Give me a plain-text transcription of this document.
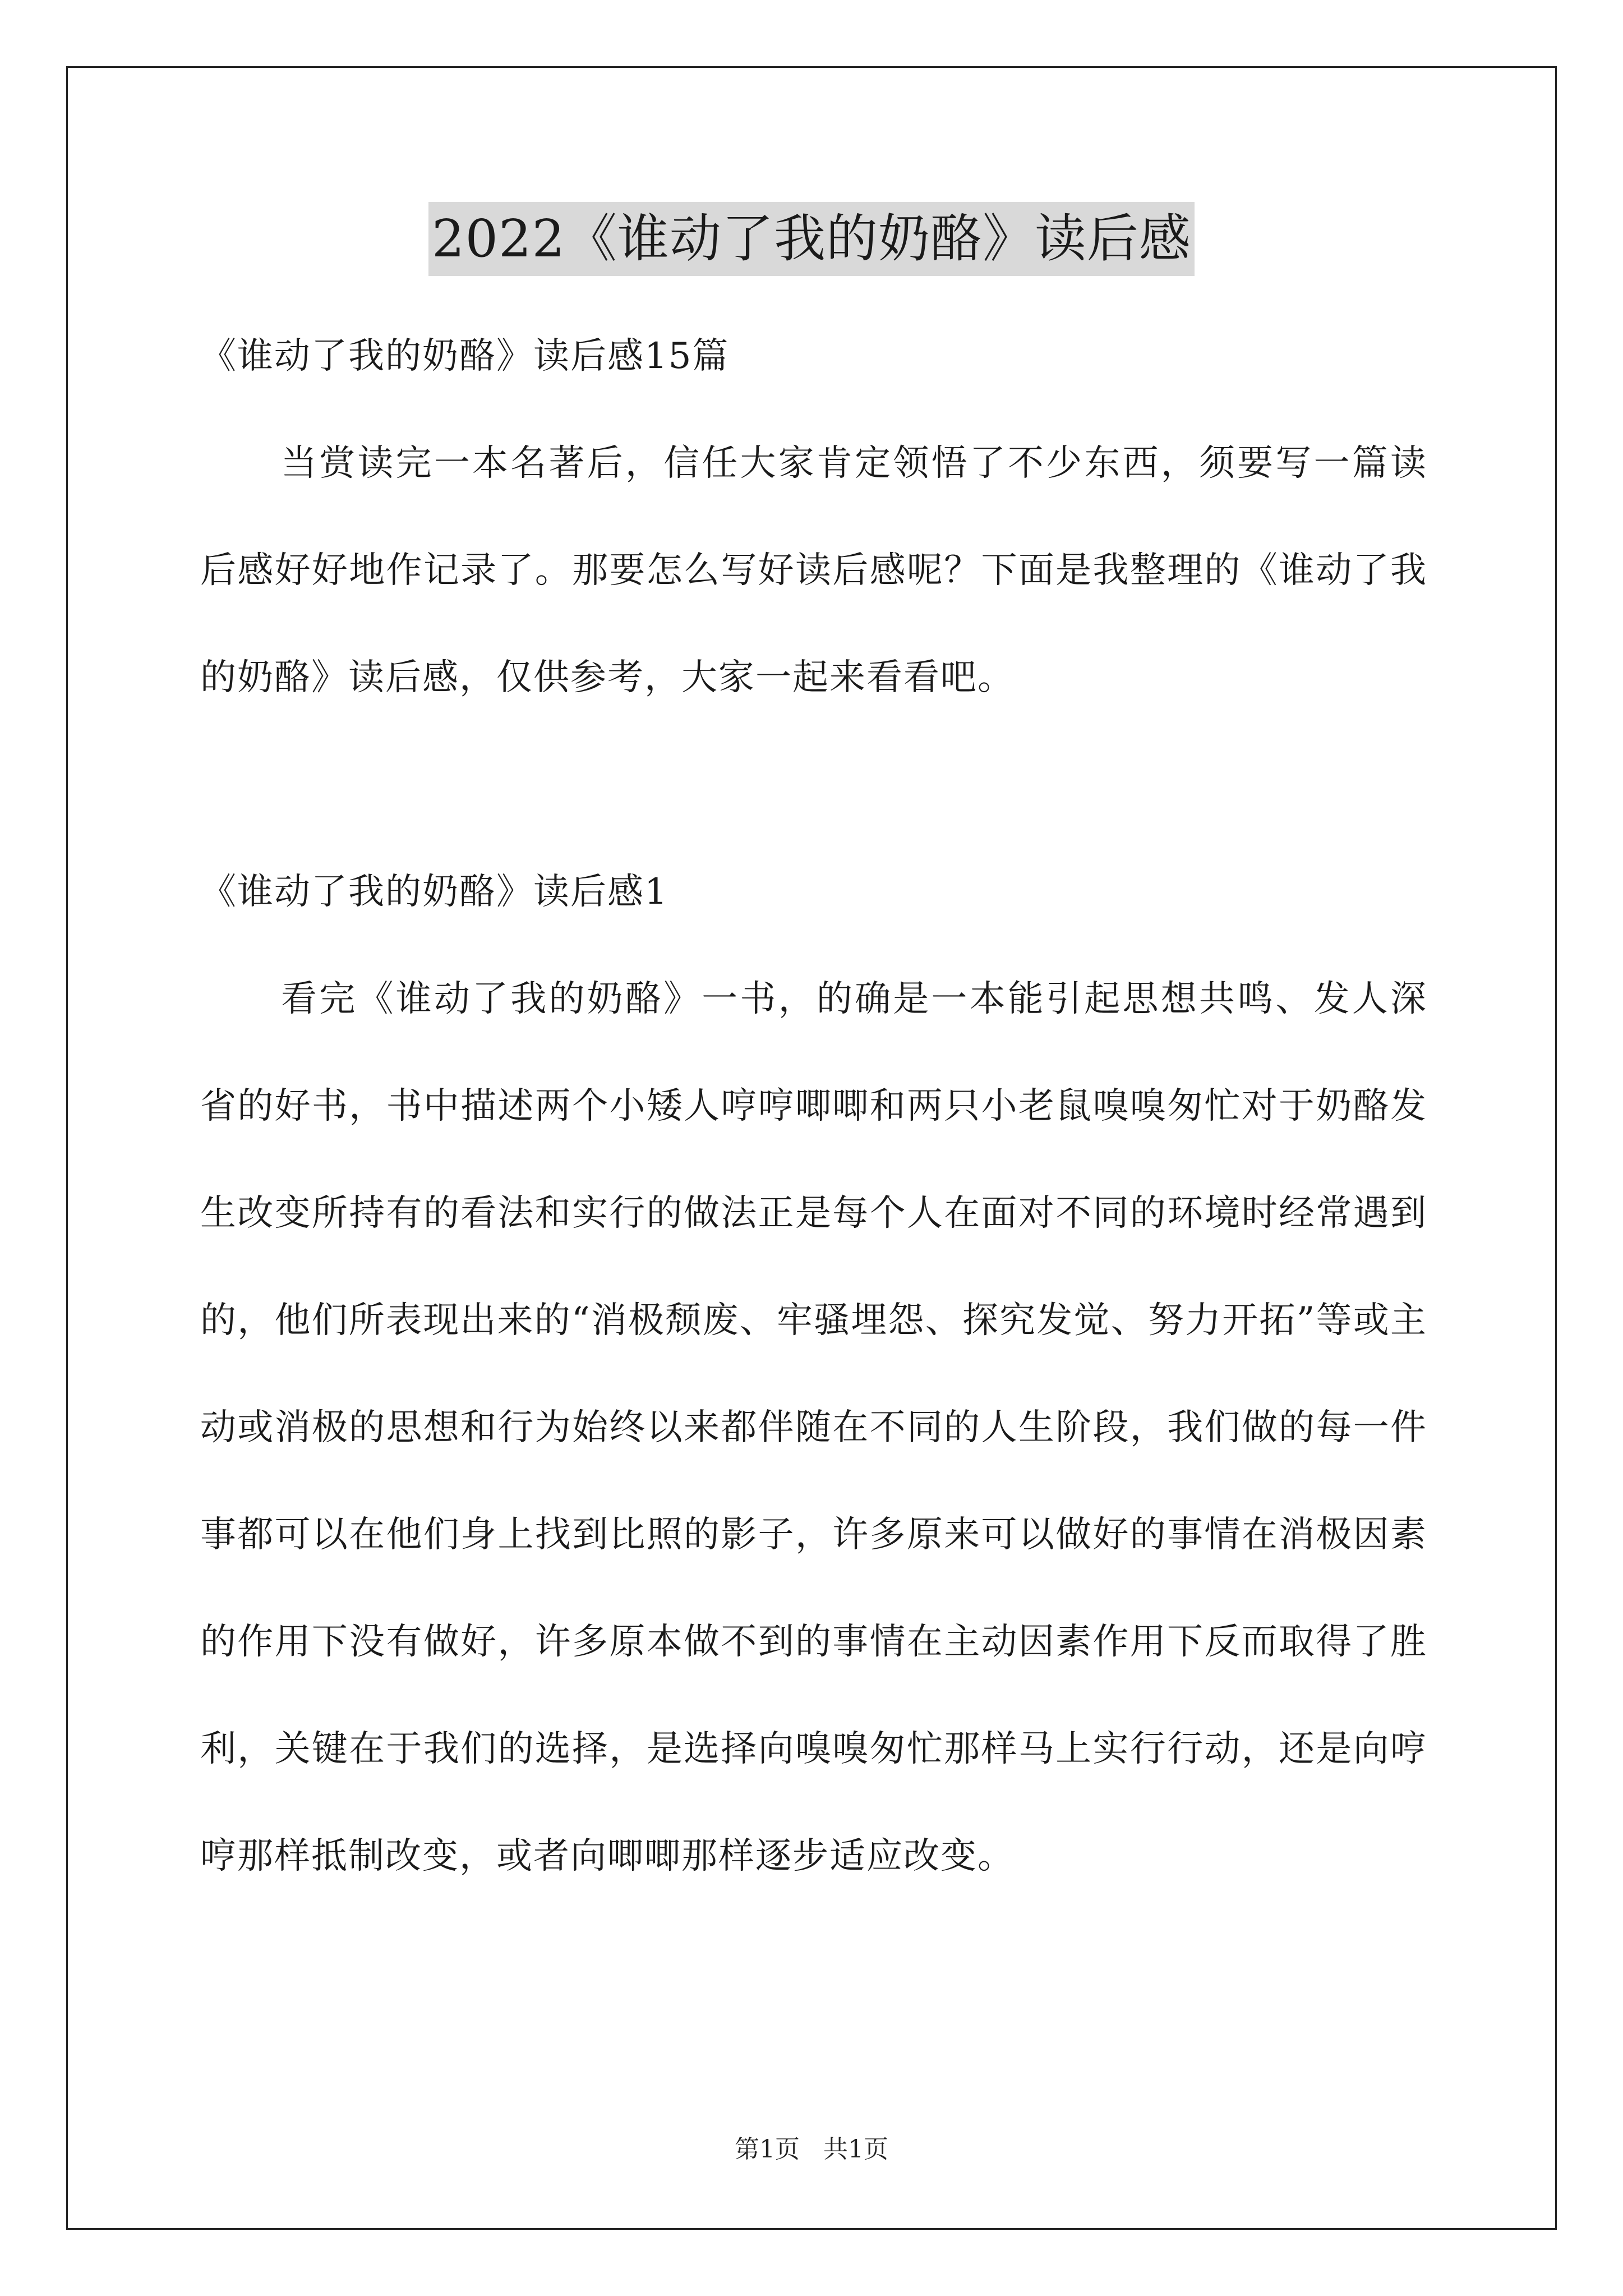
2022《谁动了我的奶酪》读后感

《谁动了我的奶酪》读后感15篇

当赏读完一本名著后，信任大家肯定领悟了不少东西，须要写一篇读后感好好地作记录了。那要怎么写好读后感呢？下面是我整理的《谁动了我的奶酪》读后感，仅供参考，大家一起来看看吧。

《谁动了我的奶酪》读后感1

看完《谁动了我的奶酪》一书，的确是一本能引起思想共鸣、发人深省的好书，书中描述两个小矮人哼哼唧唧和两只小老鼠嗅嗅匆忙对于奶酪发生改变所持有的看法和实行的做法正是每个人在面对不同的环境时经常遇到的，他们所表现出来的“消极颓废、牢骚埋怨、探究发觉、努力开拓”等或主动或消极的思想和行为始终以来都伴随在不同的人生阶段，我们做的每一件事都可以在他们身上找到比照的影子，许多原来可以做好的事情在消极因素的作用下没有做好，许多原本做不到的事情在主动因素作用下反而取得了胜利，关键在于我们的选择，是选择向嗅嗅匆忙那样马上实行行动，还是向哼哼那样抵制改变，或者向唧唧那样逐步适应改变。

第1页 共1页
